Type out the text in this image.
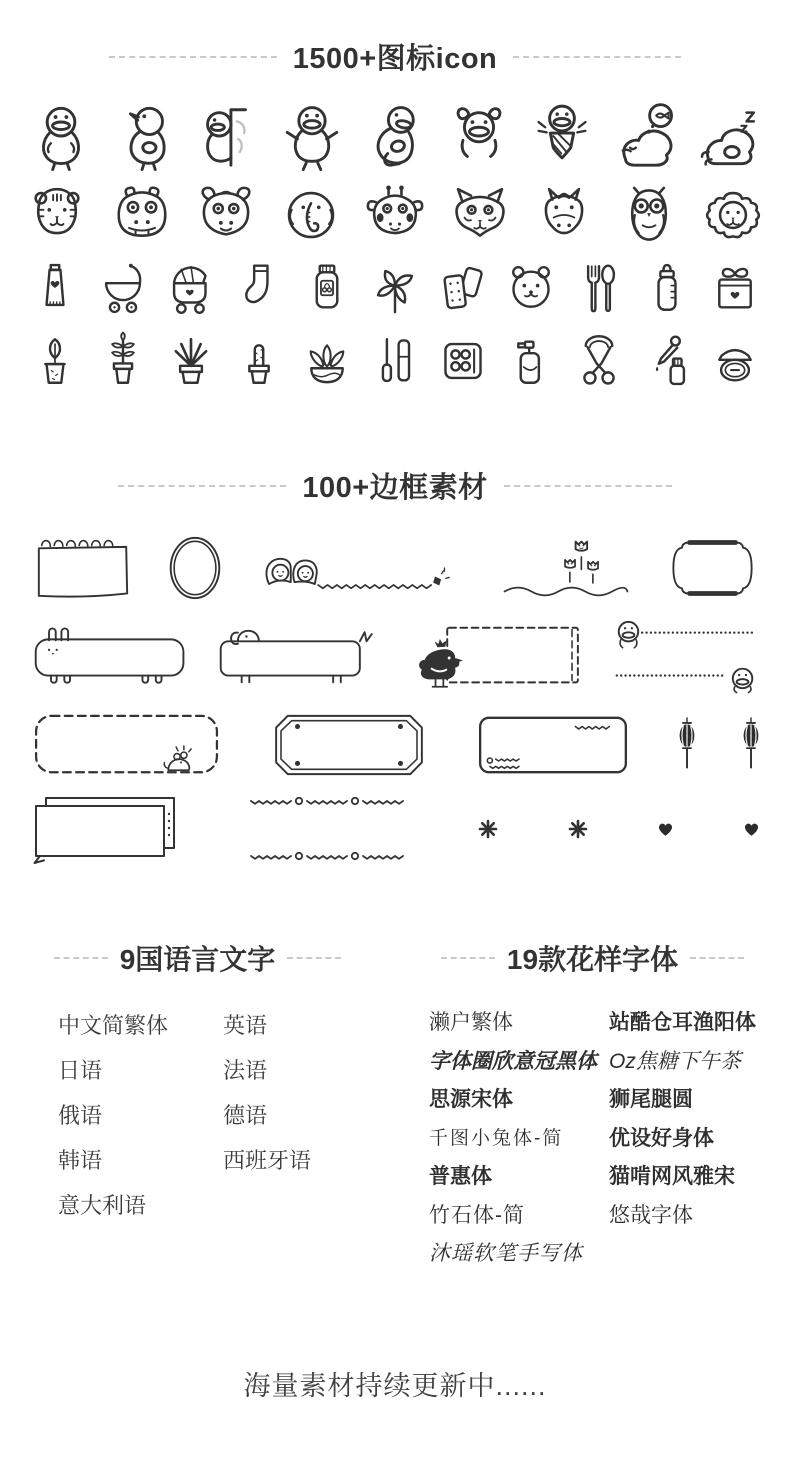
1500+图标icon
100+边框素材
9国语言文字
中文简繁体
日语
俄语
韩语
意大利语
英语
法语
德语
西班牙语
19款花样字体
濑户繁体
字体圈欣意冠黑体
思源宋体
千图小兔体-简
普惠体
竹石体-简
沐瑶软笔手写体
站酷仓耳渔阳体
Oz焦糖下午茶
狮尾腿圆
优设好身体
猫啃网风雅宋
悠哉字体
海量素材持续更新中......
